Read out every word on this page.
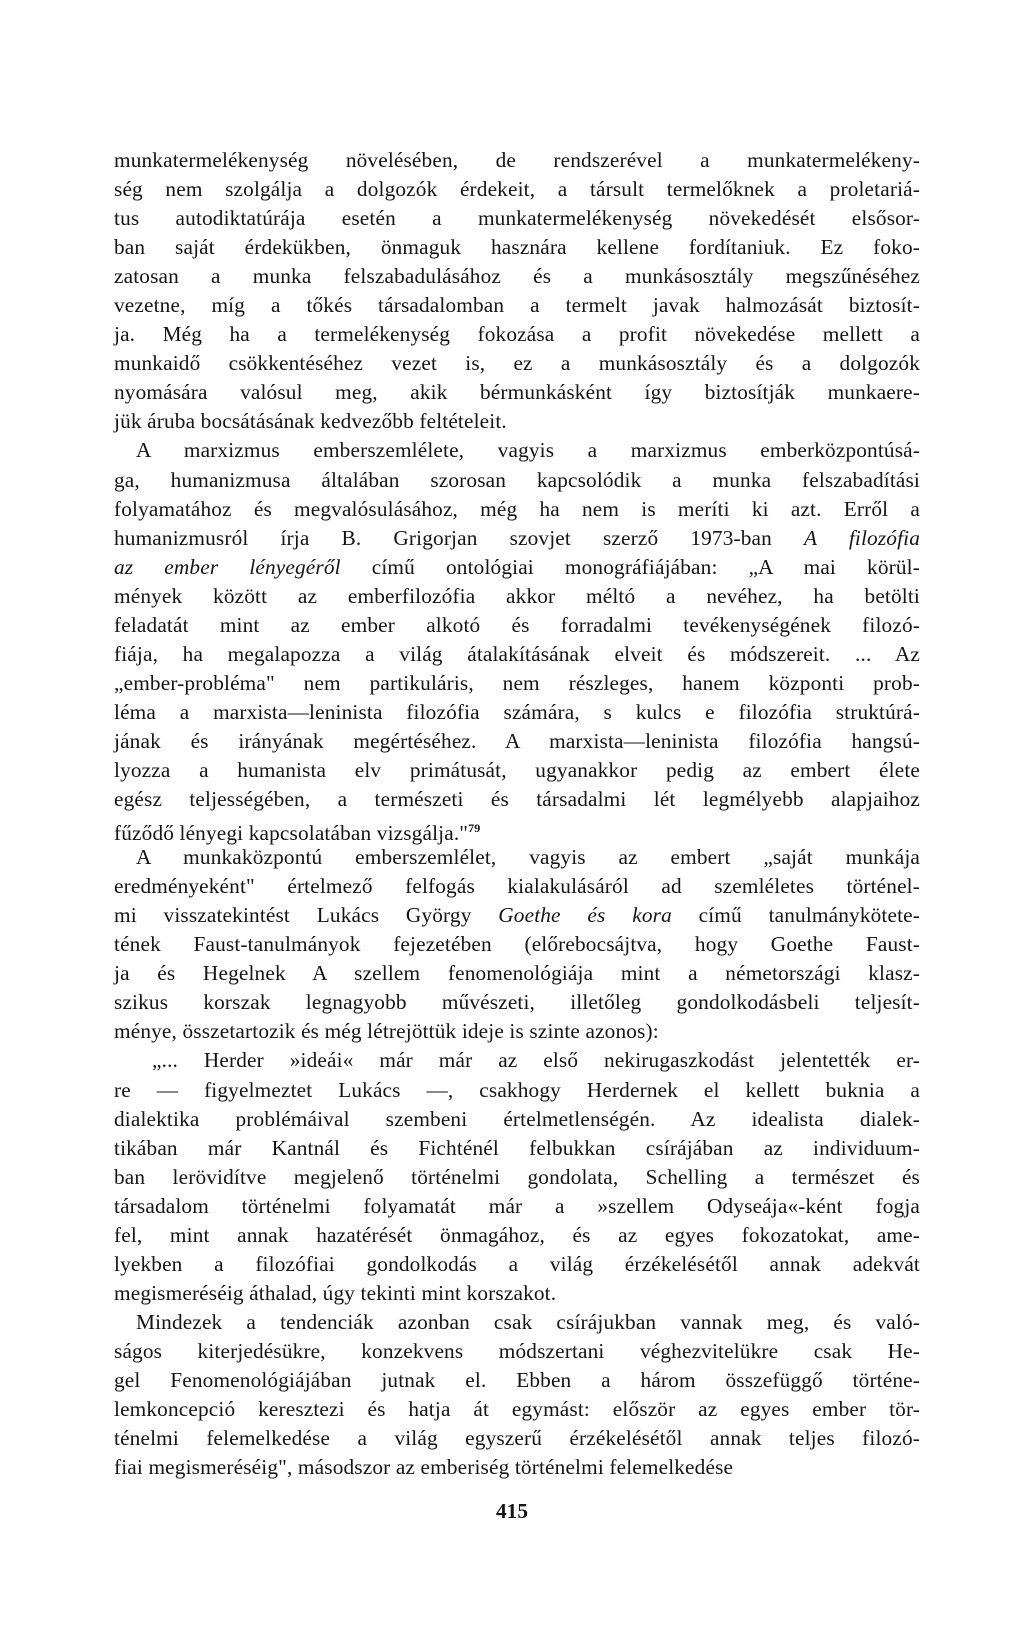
munkatermelékenység növelésében, de rendszerével a munkatermelékeny-
ség nem szolgálja a dolgozók érdekeit, a társult termelőknek a proletariá-
tus autodiktatúrája esetén a munkatermelékenység növekedését elsősor-
ban saját érdekükben, önmaguk hasznára kellene fordítaniuk. Ez foko-
zatosan a munka felszabadulásához és a munkásosztály megszűnéséhez
vezetne, míg a tőkés társadalomban a termelt javak halmozását biztosít-
ja. Még ha a termelékenység fokozása a profit növekedése mellett a
munkaidő csökkentéséhez vezet is, ez a munkásosztály és a dolgozók
nyomására valósul meg, akik bérmunkásként így biztosítják munkaere-
jük áruba bocsátásának kedvezőbb feltételeit.
A marxizmus emberszemlélete, vagyis a marxizmus emberközpontúsá-
ga, humanizmusa általában szorosan kapcsolódik a munka felszabadítási
folyamatához és megvalósulásához, még ha nem is meríti ki azt. Erről a
humanizmusról írja B. Grigorjan szovjet szerző 1973-ban A filozófia
az ember lényegéről című ontológiai monográfiájában: „A mai körül-
mények között az emberfilozófia akkor méltó a nevéhez, ha betölti
feladatát mint az ember alkotó és forradalmi tevékenységének filozó-
fiája, ha megalapozza a világ átalakításának elveit és módszereit. ... Az
„ember-probléma" nem partikuláris, nem részleges, hanem központi prob-
léma a marxista—leninista filozófia számára, s kulcs e filozófia struktúrá-
jának és irányának megértéséhez. A marxista—leninista filozófia hangsú-
lyozza a humanista elv primátusát, ugyanakkor pedig az embert élete
egész teljességében, a természeti és társadalmi lét legmélyebb alapjaihoz
fűződő lényegi kapcsolatában vizsgálja."$^{79}$
A munkaközpontú emberszemlélet, vagyis az embert „saját munkája
eredményeként" értelmező felfogás kialakulásáról ad szemléletes történel-
mi visszatekintést Lukács György Goethe és kora című tanulmánykötete-
tének Faust-tanulmányok fejezetében (előrebocsájtva, hogy Goethe Faust-
ja és Hegelnek A szellem fenomenológiája mint a németországi klasz-
szikus korszak legnagyobb művészeti, illetőleg gondolkodásbeli teljesít-
ménye, összetartozik és még létrejöttük ideje is szinte azonos):
„... Herder »ideái« már már az első nekirugaszkodást jelentették er-
re — figyelmeztet Lukács —, csakhogy Herdernek el kellett buknia a
dialektika problémáival szembeni értelmetlenségén. Az idealista dialek-
tikában már Kantnál és Fichténél felbukkan csírájában az individuum-
ban lerövidítve megjelenő történelmi gondolata, Schelling a természet és
társadalom történelmi folyamatát már a »szellem Odyseája«-ként fogja
fel, mint annak hazatérését önmagához, és az egyes fokozatokat, ame-
lyekben a filozófiai gondolkodás a világ érzékelésétől annak adekvát
megismeréséig áthalad, úgy tekinti mint korszakot.
Mindezek a tendenciák azonban csak csírájukban vannak meg, és való-
ságos kiterjedésükre, konzekvens módszertani véghezvitelükre csak He-
gel Fenomenológiájában jutnak el. Ebben a három összefüggő történe-
lemkoncepció keresztezi és hatja át egymást: először az egyes ember tör-
ténelmi felemelkedése a világ egyszerű érzékelésétől annak teljes filozó-
fiai megismeréséig", másodszor az emberiség történelmi felemelkedése
415
